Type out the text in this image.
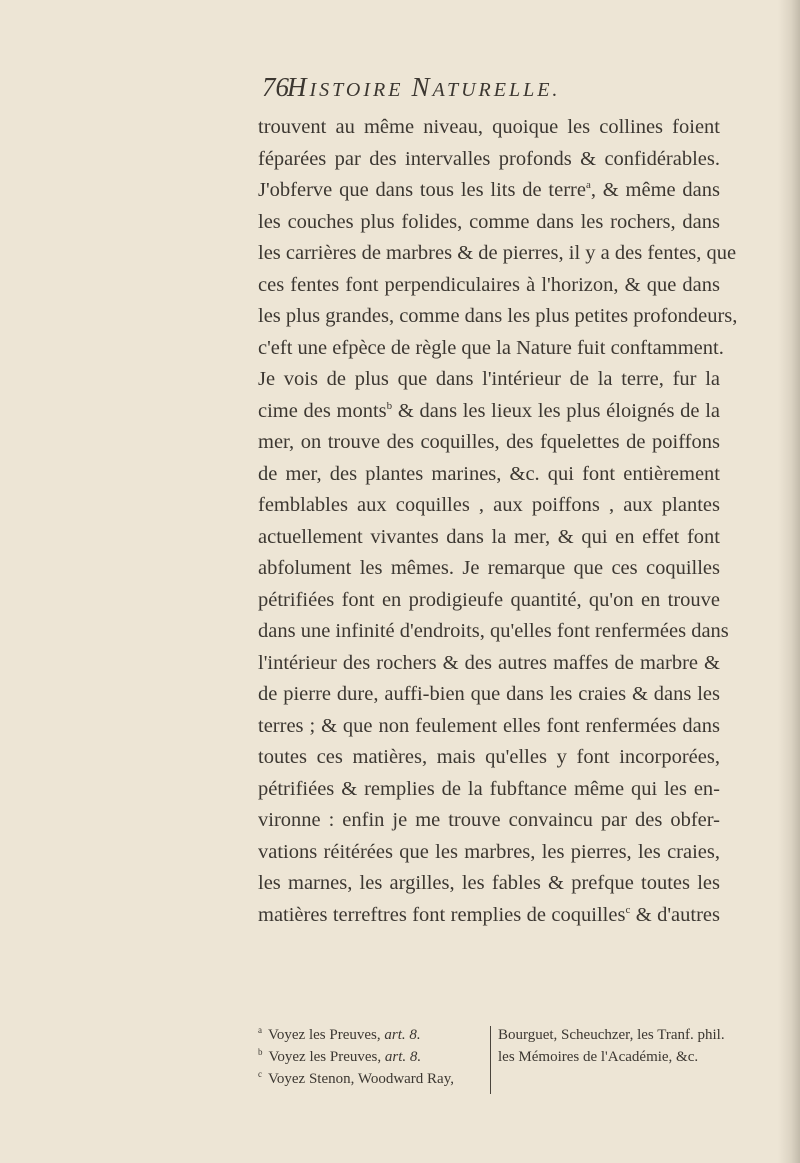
76
HISTOIRE NATURELLE.
trouvent au même niveau, quoique les collines foient
féparées par des intervalles profonds & confidérables.
J'obferve que dans tous les lits de terre$^a$, & même dans
les couches plus folides, comme dans les rochers, dans
les carrières de marbres & de pierres, il y a des fentes, que
ces fentes font perpendiculaires à l'horizon, & que dans
les plus grandes, comme dans les plus petites profondeurs,
c'eft une efpèce de règle que la Nature fuit conftamment.
Je vois de plus que dans l'intérieur de la terre, fur la
cime des monts$^b$ & dans les lieux les plus éloignés de la
mer, on trouve des coquilles, des fquelettes de poiffons
de mer, des plantes marines, &c. qui font entièrement
femblables aux coquilles , aux poiffons , aux plantes
actuellement vivantes dans la mer, & qui en effet font
abfolument les mêmes. Je remarque que ces coquilles
pétrifiées font en prodigieufe quantité, qu'on en trouve
dans une infinité d'endroits, qu'elles font renfermées dans
l'intérieur des rochers & des autres maffes de marbre &
de pierre dure, auffi-bien que dans les craies & dans les
terres ; & que non feulement elles font renfermées dans
toutes ces matières, mais qu'elles y font incorporées,
pétrifiées & remplies de la fubftance même qui les en-
vironne : enfin je me trouve convaincu par des obfer-
vations réitérées que les marbres, les pierres, les craies,
les marnes, les argilles, les fables & prefque toutes les
matières terreftres font remplies de coquilles$^c$ & d'autres
$^a$ Voyez les Preuves, art. 8.
$^b$ Voyez les Preuves, art. 8.
$^c$ Voyez Stenon, Woodward Ray,
Bourguet, Scheuchzer, les Tranf. phil.
les Mémoires de l'Académie, &c.
